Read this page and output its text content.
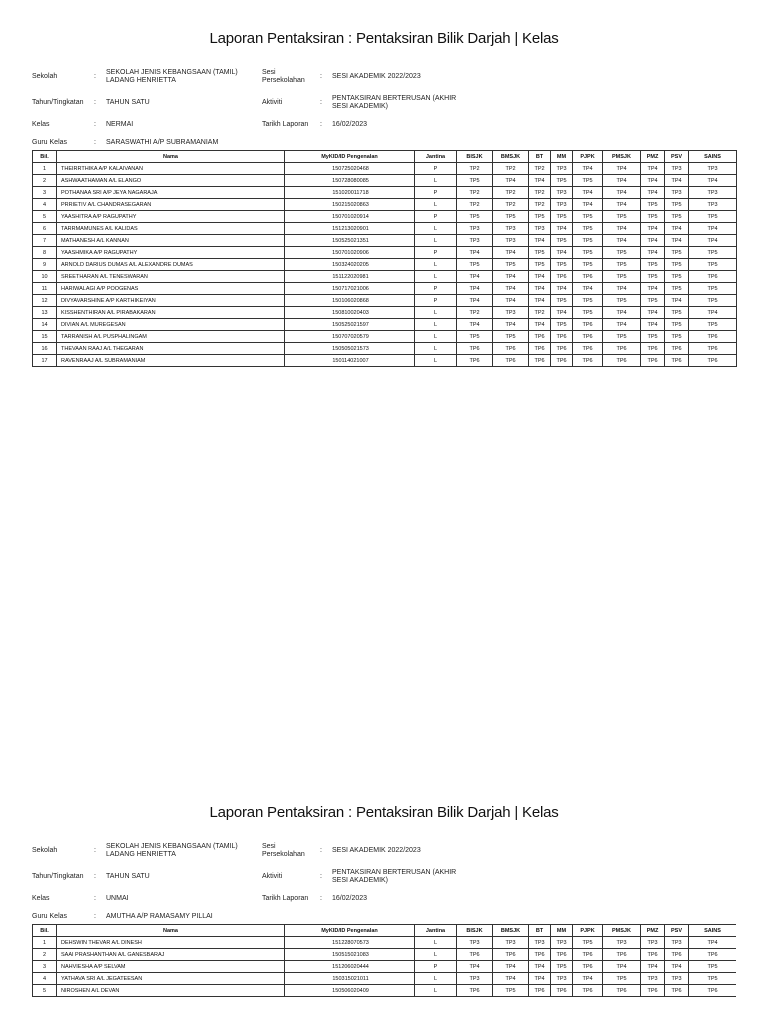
Laporan Pentaksiran : Pentaksiran Bilik Darjah | Kelas
Sekolah	:
SEKOLAH JENIS KEBANGSAAN (TAMIL) LADANG HENRIETTA
Sesi Persekolahan
: SESI AKADEMIK 2022/2023
Tahun/Tingkatan : TAHUN SATU	Aktiviti	:
PENTAKSIRAN BERTERUSAN (AKHIR SESI AKADEMIK)
Kelas	: NERMAI	Tarikh Laporan : 16/02/2023
Guru Kelas	: SARASWATHI A/P SUBRAMANIAM
Bil.	Nama	MyKID/ID Pengenalan	Jantina	BISJK	BMSJK	BT	MM	PJPK	PMSJK	PMZ	PSV	SAINS
1	THEIRRTHIKA A/P KALAIVANAN	150725020468	P	TP2	TP2	TP2	TP3	TP4	TP4	TP4	TP3	TP3
2	ASHWAATHAMAN A/L ELANGO	150728080085	L	TP5	TP4	TP4	TP5	TP5	TP4	TP4	TP4	TP4
3	POTHANAA SRI A/P JEYA NAGARAJA	151020011718	P	TP2	TP2	TP2	TP3	TP4	TP4	TP4	TP3	TP3
4	PRRIETIV A/L CHANDRASEGARAN	150215020863	L	TP2	TP2	TP2	TP3	TP4	TP4	TP5	TP5	TP3
5	YAASHITRA A/P RAGUPATHY	150701020914	P	TP5	TP5	TP5	TP5	TP5	TP5	TP5	TP5	TP5
6	TARRMAMUNES A/L KALIDAS	151213020901	L	TP3	TP3	TP3	TP4	TP5	TP4	TP4	TP4	TP4
7	MATHANESH A/L KANNAN	150525021351	L	TP3	TP3	TP4	TP5	TP5	TP4	TP4	TP4	TP4
8	YAASHMIKA A/P RAGUPATHY	150701020906	P	TP4	TP4	TP5	TP4	TP5	TP5	TP4	TP5	TP5
9	ARNOLD DARIUS DUMAS A/L ALEXANDRE DUMAS	150324020205	L	TP5	TP5	TP5	TP5	TP5	TP5	TP5	TP5	TP5
10	SREETHARAN A/L TENESWARAN	151122020981	L	TP4	TP4	TP4	TP6	TP6	TP5	TP5	TP5	TP6
11	HARIWALAGI A/P POOGENAS	150717021006	P	TP4	TP4	TP4	TP4	TP4	TP4	TP4	TP5	TP5
12	DIVYAVARSHINE A/P KARTHIKEIYAN	150106020868	P	TP4	TP4	TP4	TP5	TP5	TP5	TP5	TP4	TP5
13	KISSHENTHIRAN A/L PIRABAKARAN	150810020403	L	TP2	TP3	TP2	TP4	TP5	TP4	TP4	TP5	TP4
14	DIVIAN A/L MUREGESAN	150525021597	L	TP4	TP4	TP4	TP5	TP6	TP4	TP4	TP5	TP5
15	TARRANISH A/L PUSPHALINGAM	150707020579	L	TP5	TP5	TP6	TP6	TP6	TP5	TP5	TP5	TP6
16	THEVAAN RAAJ A/L THEGARAN	150505021573	L	TP6	TP6	TP6	TP6	TP6	TP6	TP6	TP6	TP6
17	RAVENRAAJ A/L SUBRAMANIAM	150114021007	L	TP6	TP6	TP6	TP6	TP6	TP6	TP6	TP6	TP6
Laporan Pentaksiran : Pentaksiran Bilik Darjah | Kelas
Sekolah	:
SEKOLAH JENIS KEBANGSAAN (TAMIL) LADANG HENRIETTA
Sesi Persekolahan
: SESI AKADEMIK 2022/2023
Tahun/Tingkatan : TAHUN SATU	Aktiviti	:
PENTAKSIRAN BERTERUSAN (AKHIR SESI AKADEMIK)
Kelas	: UNMAI	Tarikh Laporan : 16/02/2023
Guru Kelas	: AMUTHA A/P RAMASAMY PILLAI
Bil.	Nama	MyKID/ID Pengenalan	Jantina	BISJK	BMSJK	BT	MM	PJPK	PMSJK	PMZ	PSV	SAINS
1	DEHSWIN THEVAR A/L DINESH	151228070573	L	TP3	TP3	TP3	TP3	TP5	TP3	TP3	TP3	TP4
2	SAAI PRASHANTHAN A/L GANESBARAJ	150515021083	L	TP6	TP6	TP6	TP6	TP6	TP6	TP6	TP6	TP6
3	NAHVIESHA A/P SELVAM	151206020444	P	TP4	TP4	TP4	TP5	TP6	TP4	TP4	TP4	TP5
4	YATHAVA SRI A/L JEGATEESAN	150315021011	L	TP3	TP4	TP4	TP3	TP4	TP5	TP3	TP3	TP5
5	NIROSHEN A/L DEVAN	150506020409	L	TP6	TP5	TP6	TP6	TP6	TP6	TP6	TP6	TP6
